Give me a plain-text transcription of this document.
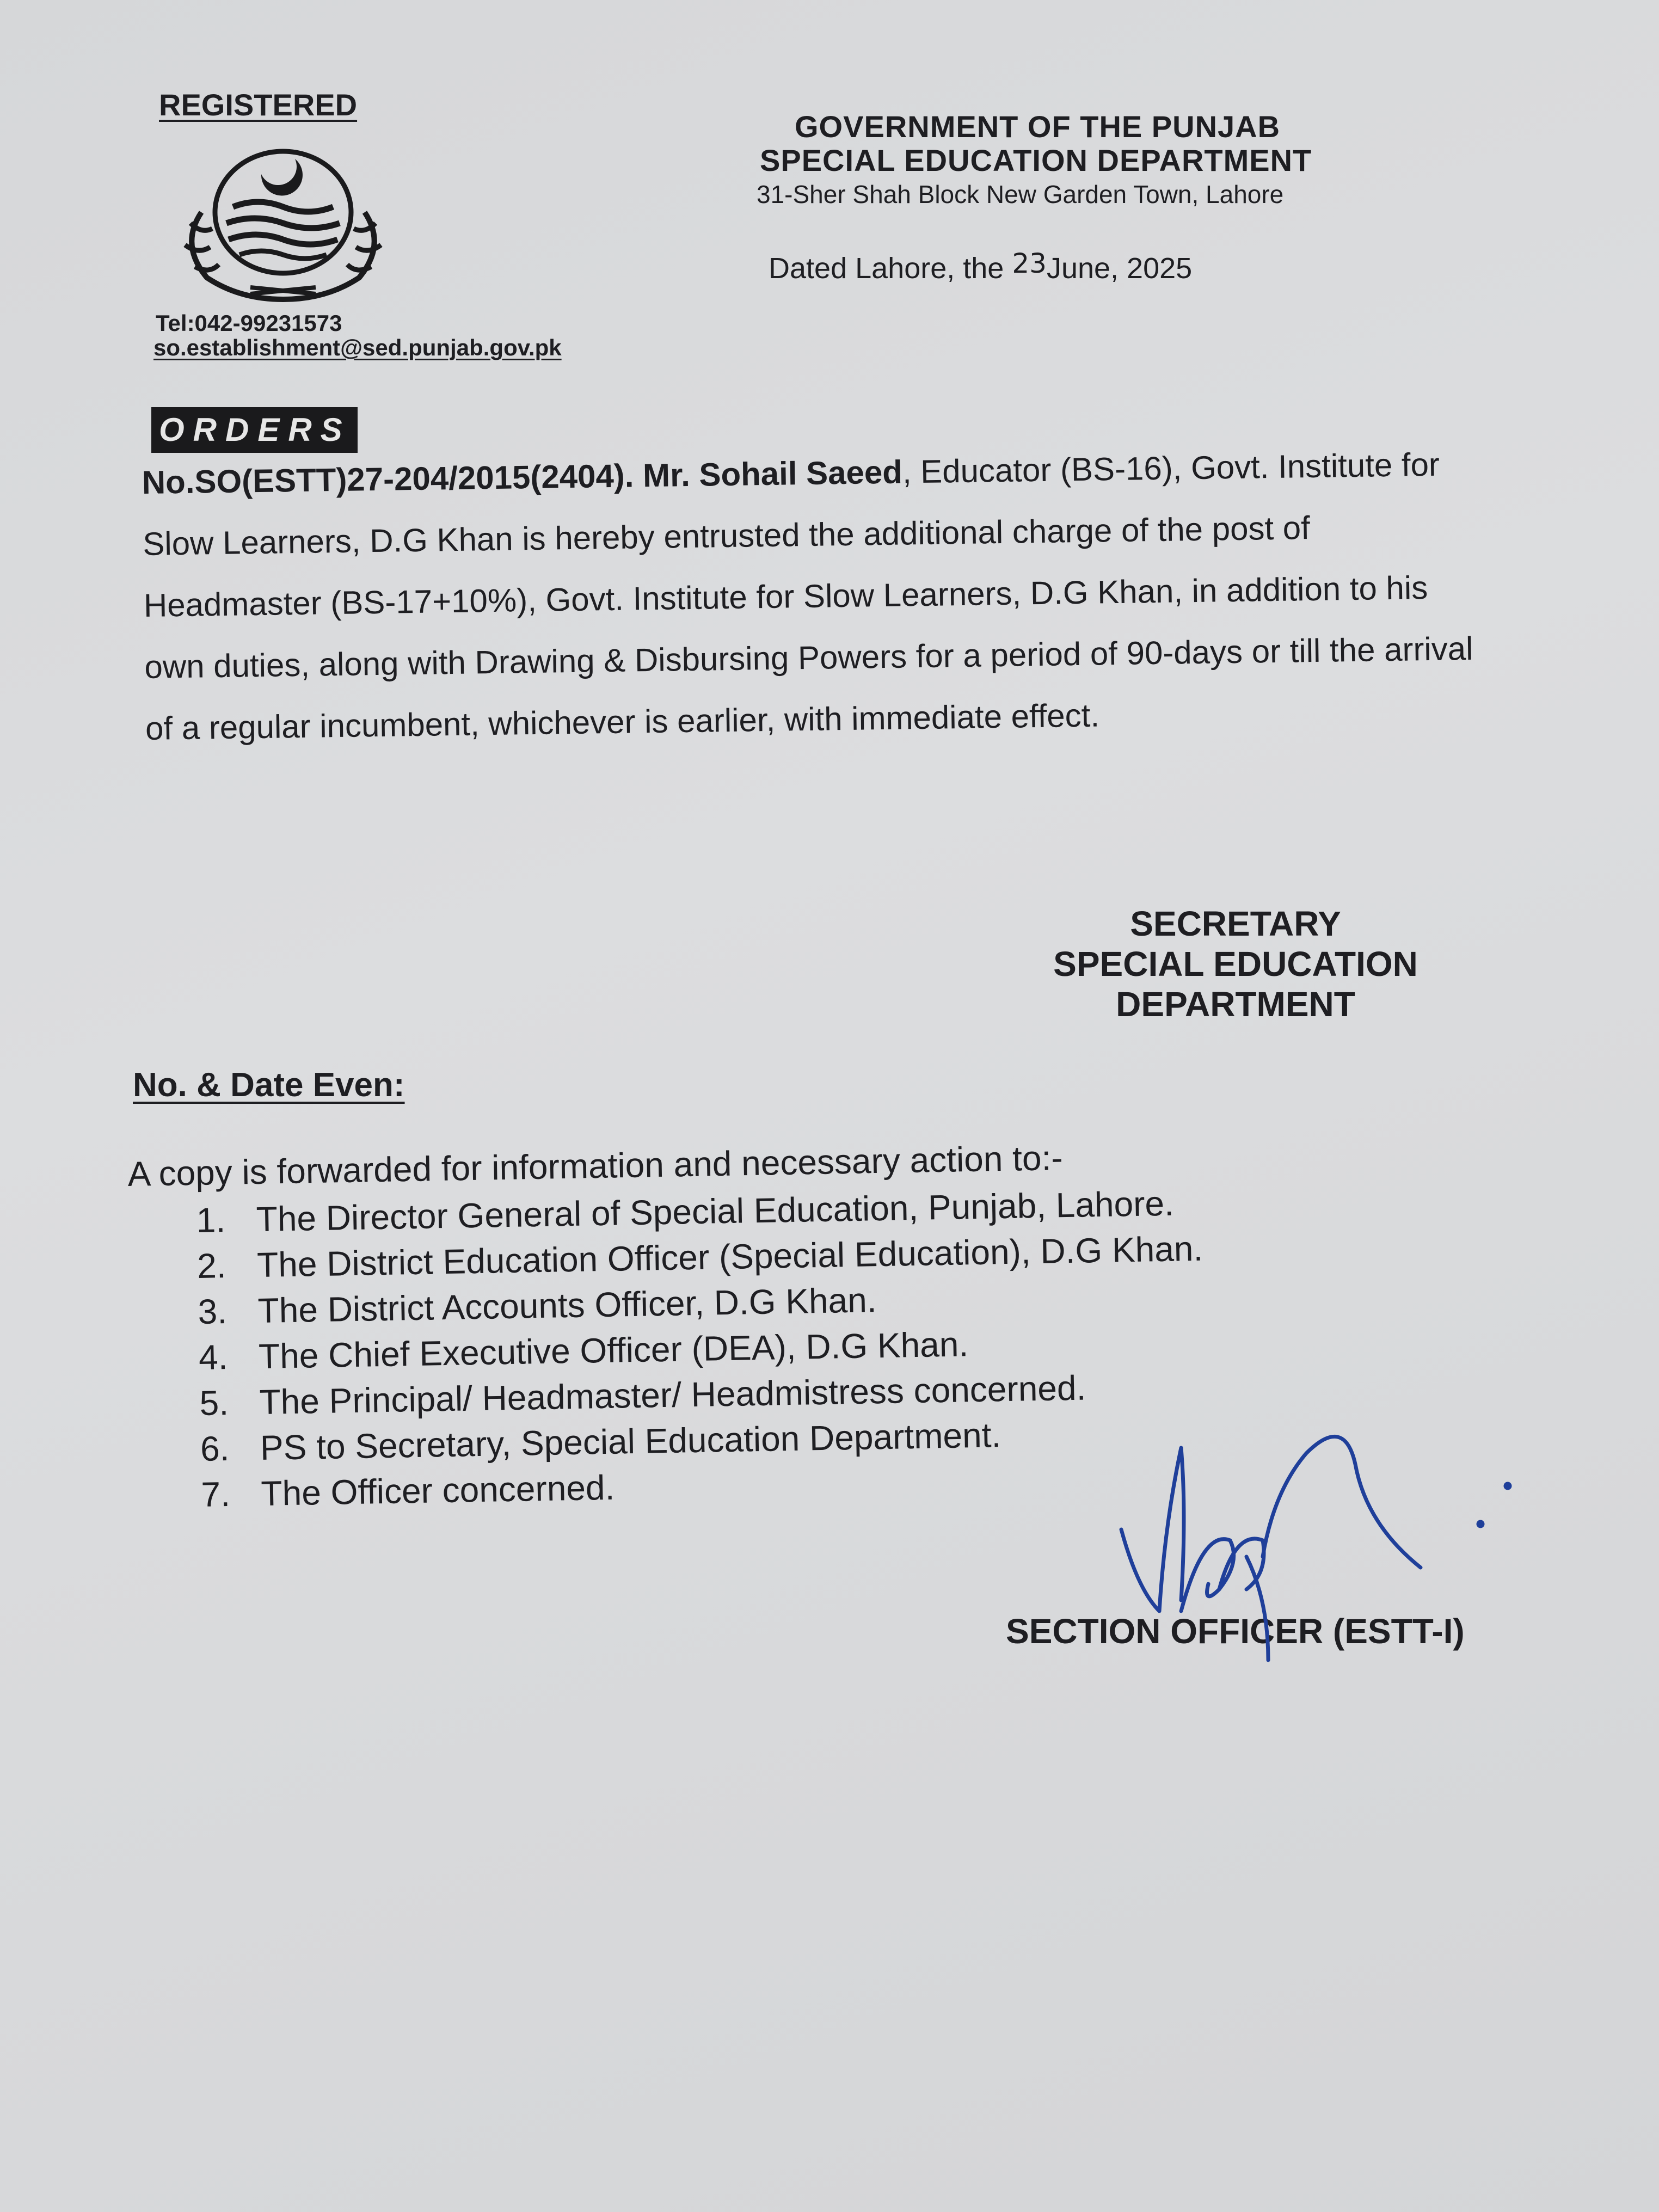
REGISTERED
Tel:042-99231573
so.establishment@sed.punjab.gov.pk
GOVERNMENT OF THE PUNJAB
SPECIAL EDUCATION DEPARTMENT
31-Sher Shah Block New Garden Town, Lahore
Dated Lahore, the 23June, 2025
ORDERS
No.SO(ESTT)27-204/2015(2404). Mr. Sohail Saeed, Educator (BS-16), Govt. Institute for Slow Learners, D.G Khan is hereby entrusted the additional charge of the post of Headmaster (BS-17+10%), Govt. Institute for Slow Learners, D.G Khan, in addition to his own duties, along with Drawing & Disbursing Powers for a period of 90-days or till the arrival of a regular incumbent, whichever is earlier, with immediate effect.
SECRETARY
SPECIAL EDUCATION
DEPARTMENT
No. & Date Even:
A copy is forwarded for information and necessary action to:-
1. The Director General of Special Education, Punjab, Lahore.
2. The District Education Officer (Special Education), D.G Khan.
3. The District Accounts Officer, D.G Khan.
4. The Chief Executive Officer (DEA), D.G Khan.
5. The Principal/ Headmaster/ Headmistress concerned.
6. PS to Secretary, Special Education Department.
7. The Officer concerned.
SECTION OFFICER (ESTT-I)
